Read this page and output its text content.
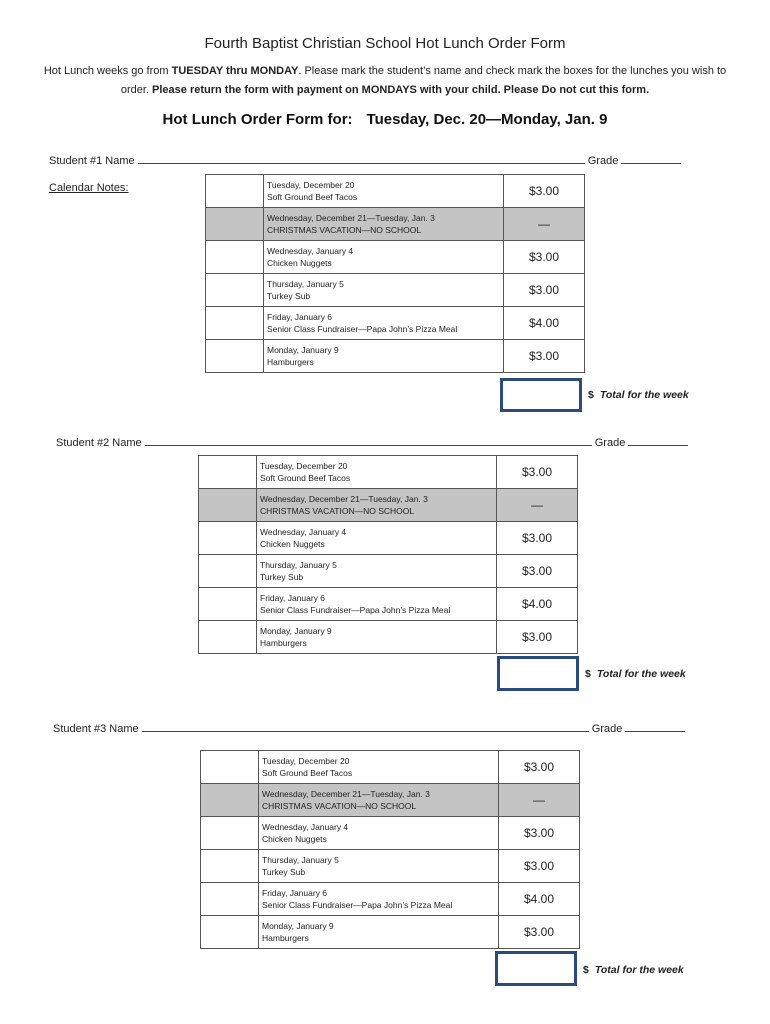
Fourth Baptist Christian School Hot Lunch Order Form
Hot Lunch weeks go from TUESDAY thru MONDAY. Please mark the student’s name and check mark the boxes for the lunches you wish to order. Please return the form with payment on MONDAYS with your child. Please Do not cut this form.
Hot Lunch Order Form for: Tuesday, Dec. 20—Monday, Jan. 9
Calendar Notes:
Student #1 Name	Grade

	Tuesday, December 20
Soft Ground Beef Tacos	$3.00

	Wednesday, December 21—Tuesday, Jan. 3
CHRISTMAS VACATION—NO SCHOOL	—

	Wednesday, January 4
Chicken Nuggets	$3.00

	Thursday, January 5
Turkey Sub	$3.00

	Friday, January 6
Senior Class Fundraiser—Papa John’s Pizza Meal	$4.00

	Monday, January 9
Hamburgers	$3.00
$ Total for the week
Student #2 Name	Grade

	Tuesday, December 20
Soft Ground Beef Tacos	$3.00

	Wednesday, December 21—Tuesday, Jan. 3
CHRISTMAS VACATION—NO SCHOOL	—

	Wednesday, January 4
Chicken Nuggets	$3.00

	Thursday, January 5
Turkey Sub	$3.00

	Friday, January 6
Senior Class Fundraiser—Papa John’s Pizza Meal	$4.00

	Monday, January 9
Hamburgers	$3.00
$ Total for the week
Student #3 Name	Grade

	Tuesday, December 20
Soft Ground Beef Tacos	$3.00

	Wednesday, December 21—Tuesday, Jan. 3
CHRISTMAS VACATION—NO SCHOOL	—

	Wednesday, January 4
Chicken Nuggets	$3.00

	Thursday, January 5
Turkey Sub	$3.00

	Friday, January 6
Senior Class Fundraiser—Papa John’s Pizza Meal	$4.00

	Monday, January 9
Hamburgers	$3.00
$ Total for the week
